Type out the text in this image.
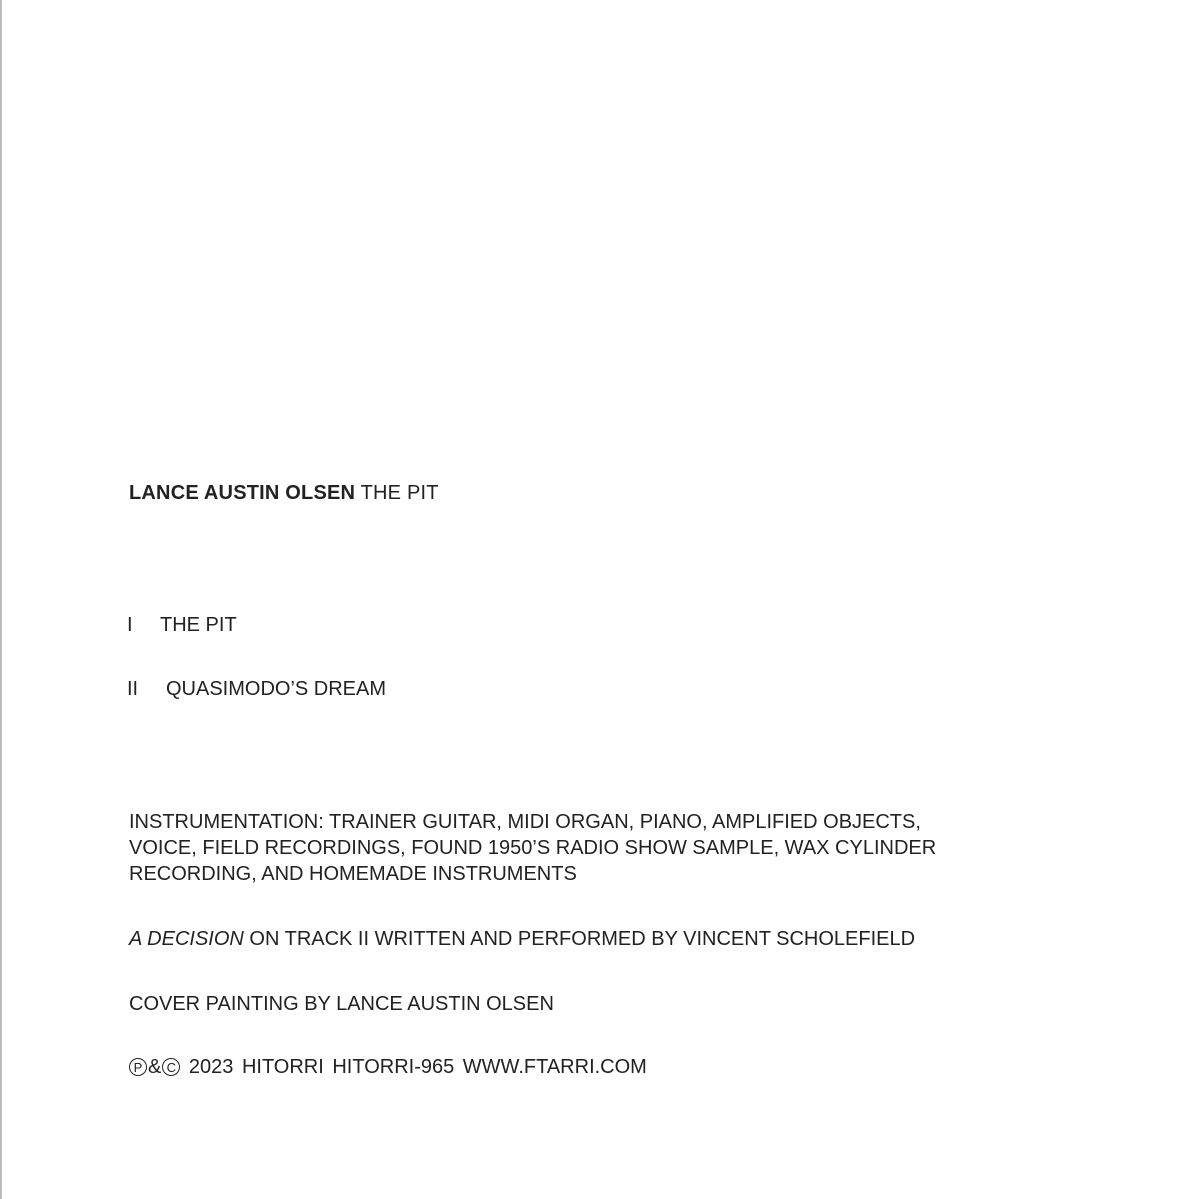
LANCE AUSTIN OLSEN THE PIT
I THE PIT
II QUASIMODO’S DREAM
INSTRUMENTATION: TRAINER GUITAR, MIDI ORGAN, PIANO, AMPLIFIED OBJECTS,
VOICE, FIELD RECORDINGS, FOUND 1950’S RADIO SHOW SAMPLE, WAX CYLINDER
RECORDING, AND HOMEMADE INSTRUMENTS
A DECISION ON TRACK II WRITTEN AND PERFORMED BY VINCENT SCHOLEFIELD
COVER PAINTING BY LANCE AUSTIN OLSEN
P & C 2023 HITORRI HITORRI-965 WWW.FTARRI.COM
